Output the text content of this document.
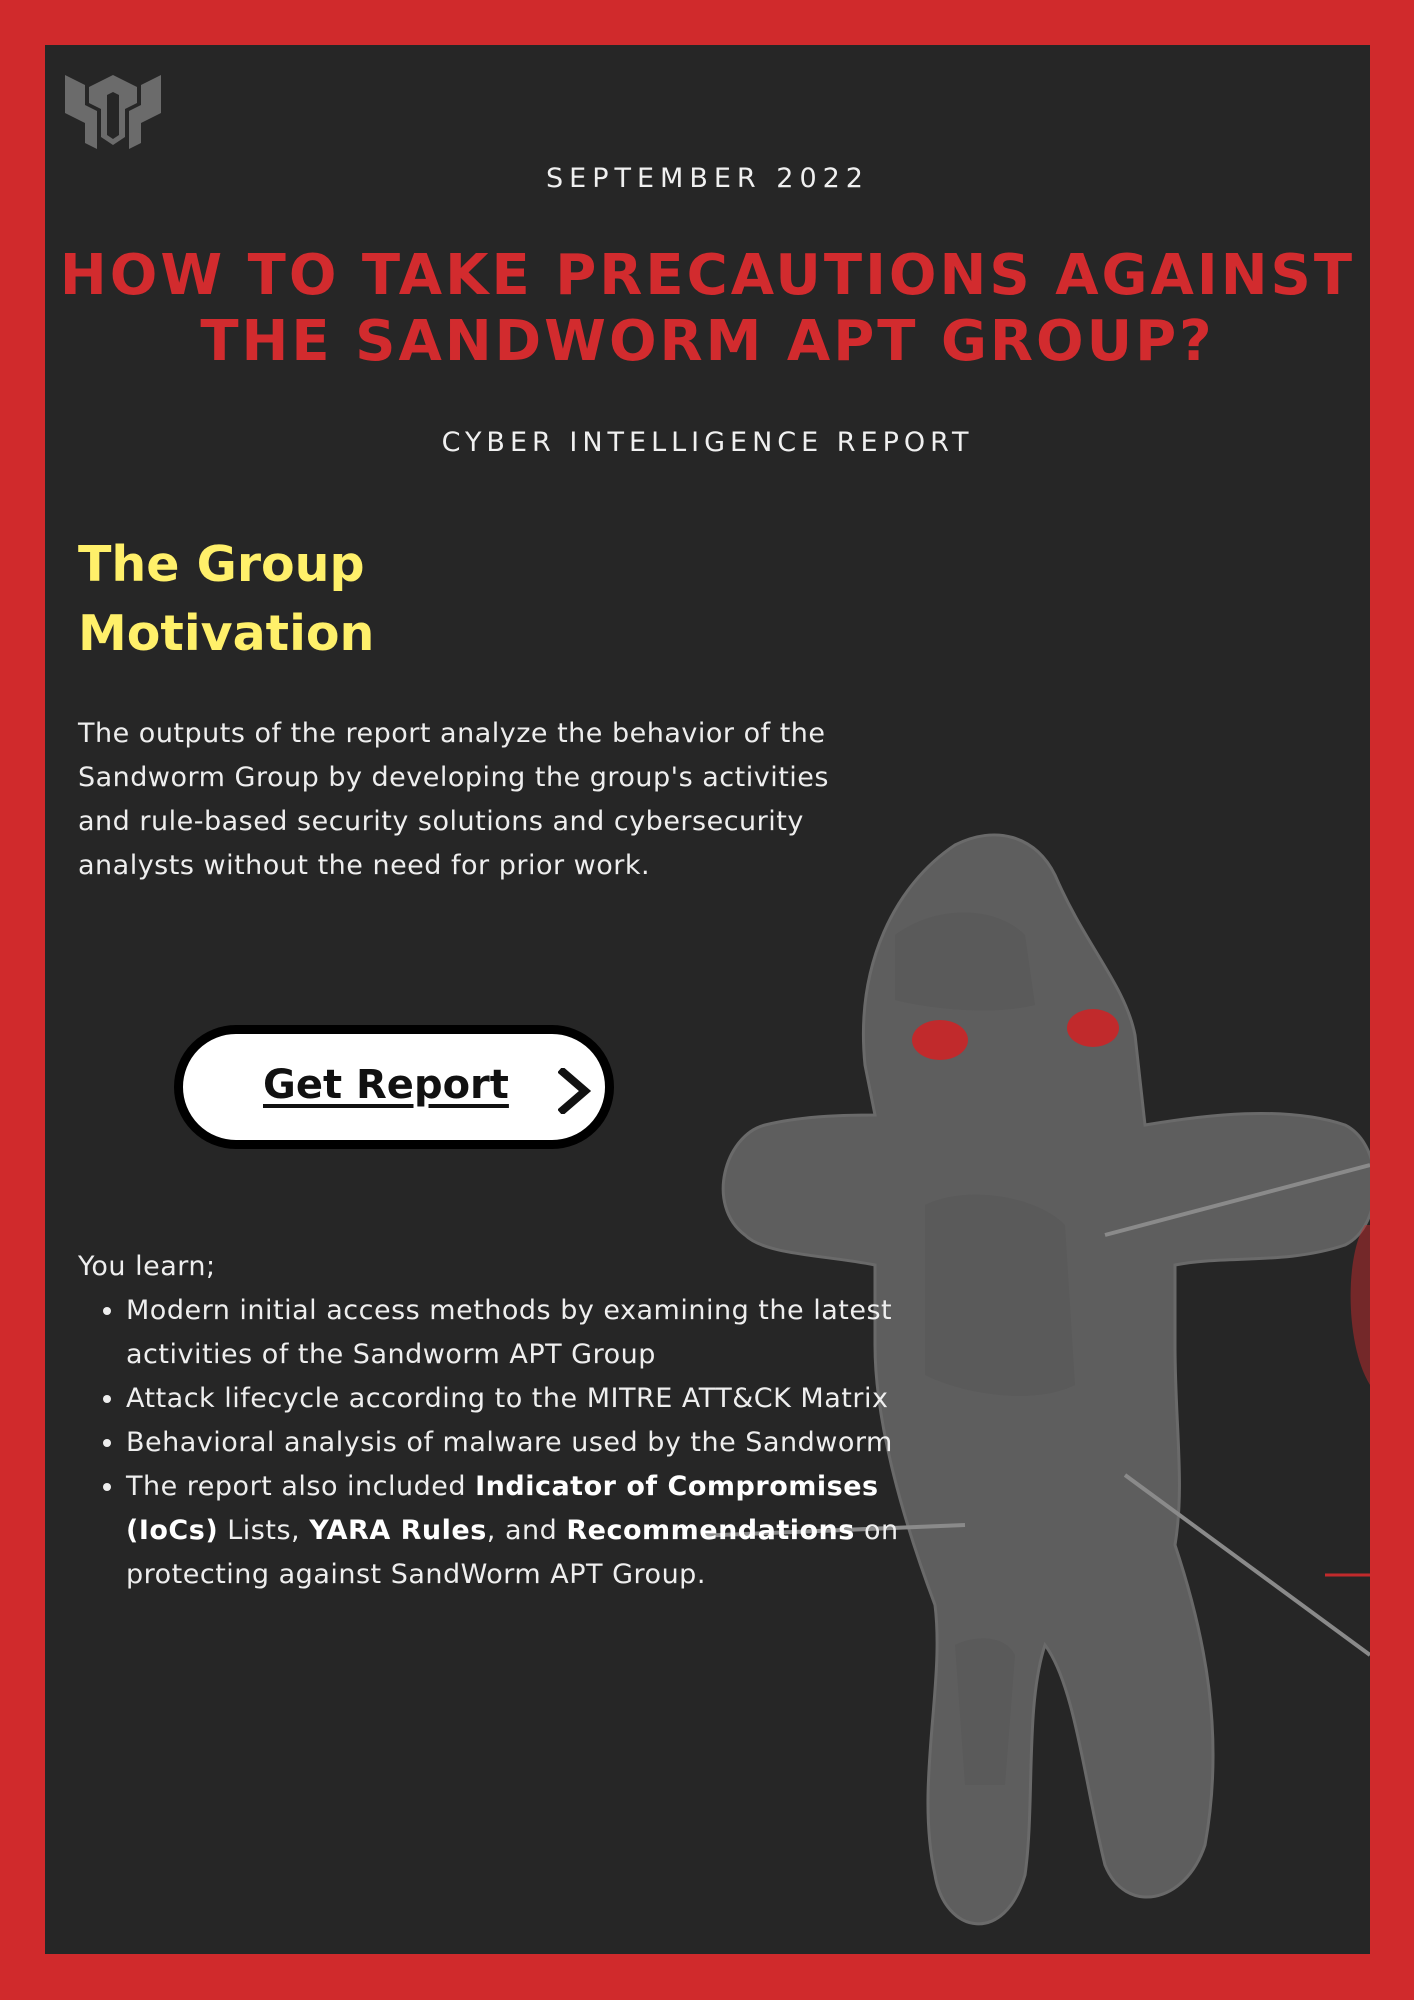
SEPTEMBER 2022
HOW TO TAKE PRECAUTIONS AGAINST
THE SANDWORM APT GROUP?
CYBER INTELLIGENCE REPORT
The Group
Motivation
The outputs of the report analyze the behavior of the Sandworm Group by developing the group's activities and rule-based security solutions and cybersecurity analysts without the need for prior work.
Get Report
You learn;
• Modern initial access methods by examining the latest activities of the Sandworm APT Group
• Attack lifecycle according to the MITRE ATT&CK Matrix
• Behavioral analysis of malware used by the Sandworm
• The report also included Indicator of Compromises (IoCs) Lists, YARA Rules, and Recommendations on protecting against SandWorm APT Group.
